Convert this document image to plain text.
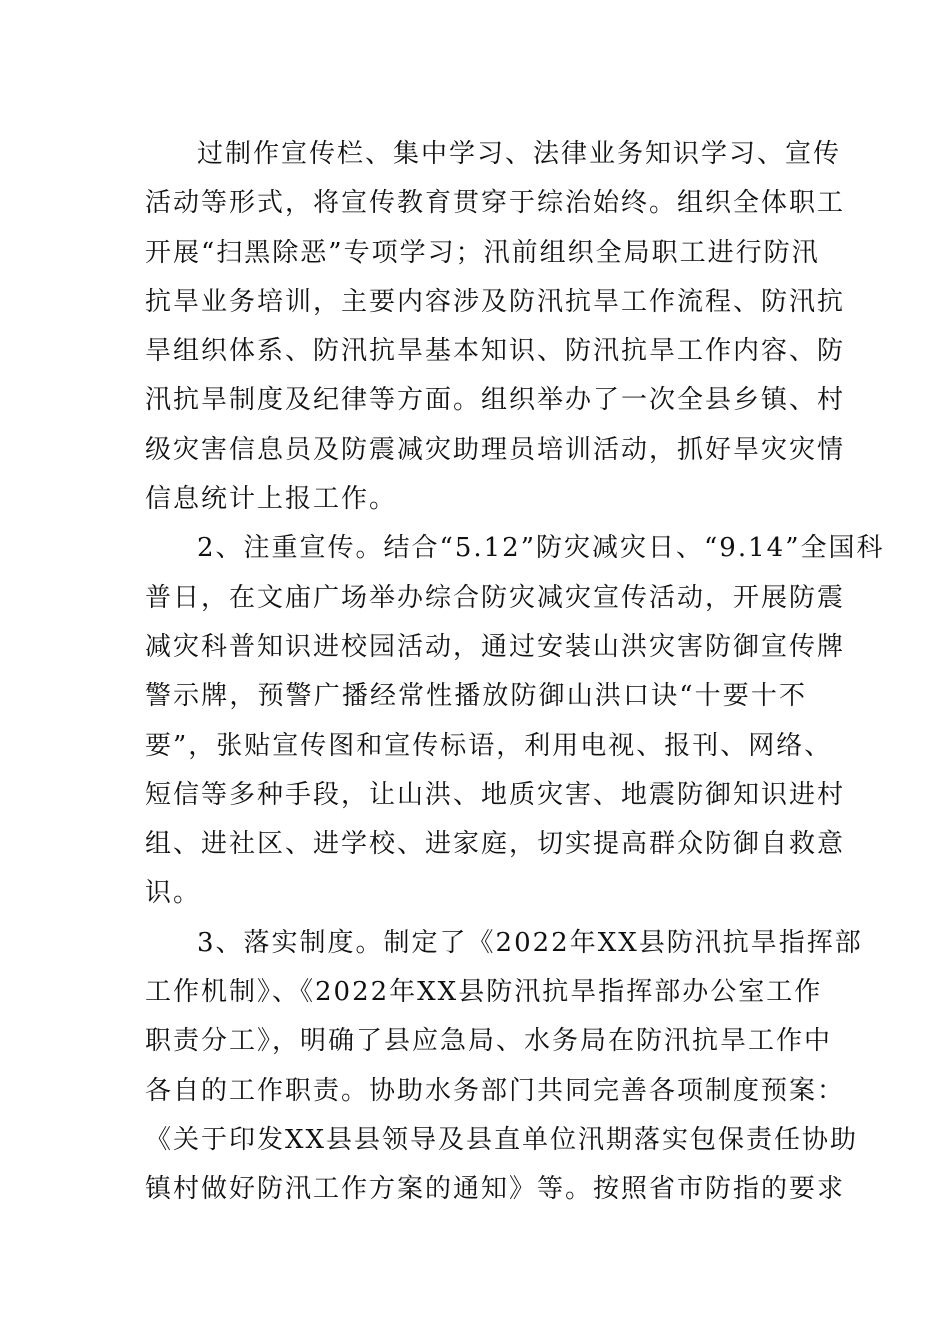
过制作宣传栏、集中学习、法律业务知识学习、宣传
活动等形式，将宣传教育贯穿于综治始终。组织全体职工
开展“扫黑除恶”专项学习；汛前组织全局职工进行防汛
抗旱业务培训，主要内容涉及防汛抗旱工作流程、防汛抗
旱组织体系、防汛抗旱基本知识、防汛抗旱工作内容、防
汛抗旱制度及纪律等方面。组织举办了一次全县乡镇、村
级灾害信息员及防震减灾助理员培训活动，抓好旱灾灾情
信息统计上报工作。
2、注重宣传。结合“5.12”防灾减灾日、“9.14”全国科
普日，在文庙广场举办综合防灾减灾宣传活动，开展防震
减灾科普知识进校园活动，通过安装山洪灾害防御宣传牌
警示牌，预警广播经常性播放防御山洪口诀“十要十不
要”，张贴宣传图和宣传标语，利用电视、报刊、网络、
短信等多种手段，让山洪、地质灾害、地震防御知识进村
组、进社区、进学校、进家庭，切实提高群众防御自救意
识。
3、落实制度。制定了《2022年XX县防汛抗旱指挥部
工作机制》、《2022年XX县防汛抗旱指挥部办公室工作
职责分工》，明确了县应急局、水务局在防汛抗旱工作中
各自的工作职责。协助水务部门共同完善各项制度预案：
《关于印发XX县县领导及县直单位汛期落实包保责任协助
镇村做好防汛工作方案的通知》等。按照省市防指的要求
